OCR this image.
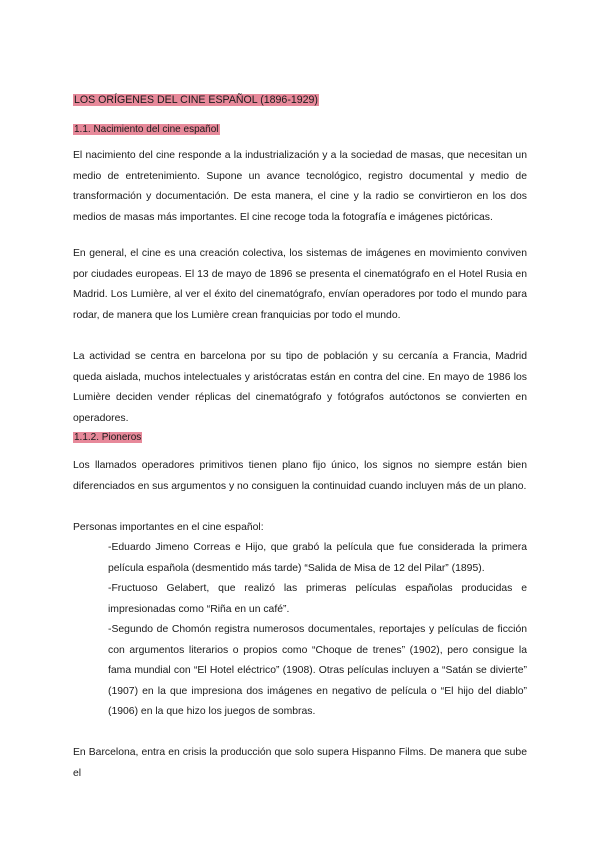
LOS ORÍGENES DEL CINE ESPAÑOL (1896-1929)
1.1. Nacimiento del cine español

El nacimiento del cine responde a la industrialización y a la sociedad de masas, que necesitan un medio de entretenimiento. Supone un avance tecnológico, registro documental y medio de transformación y documentación. De esta manera, el cine y la radio se convirtieron en los dos medios de masas más importantes. El cine recoge toda la fotografía e imágenes pictóricas.

En general, el cine es una creación colectiva, los sistemas de imágenes en movimiento conviven por ciudades europeas. El 13 de mayo de 1896 se presenta el cinematógrafo en el Hotel Rusia en Madrid. Los Lumière, al ver el éxito del cinematógrafo, envían operadores por todo el mundo para rodar, de manera que los Lumière crean franquicias por todo el mundo.

La actividad se centra en barcelona por su tipo de población y su cercanía a Francia, Madrid queda aislada, muchos intelectuales y aristócratas están en contra del cine. En mayo de 1986 los Lumière deciden vender réplicas del cinematógrafo y fotógrafos autóctonos se convierten en operadores.

1.1.2. Pioneros

Los llamados operadores primitivos tienen plano fijo único, los signos no siempre están bien diferenciados en sus argumentos y no consiguen la continuidad cuando incluyen más de un plano.

Personas importantes en el cine español:

-Eduardo Jimeno Correas e Hijo, que grabó la película que fue considerada la primera película española (desmentido más tarde) “Salida de Misa de 12 del Pilar” (1895).

-Fructuoso Gelabert, que realizó las primeras películas españolas producidas e impresionadas como “Riña en un café”.

-Segundo de Chomón registra numerosos documentales, reportajes y películas de ficción con argumentos literarios o propios como “Choque de trenes” (1902), pero consigue la fama mundial con “El Hotel eléctrico” (1908). Otras películas incluyen a “Satán se divierte” (1907) en la que impresiona dos imágenes en negativo de película o “El hijo del diablo” (1906) en la que hizo los juegos de sombras.

En Barcelona, entra en crisis la producción que solo supera Hispanno Films. De manera que sube el
